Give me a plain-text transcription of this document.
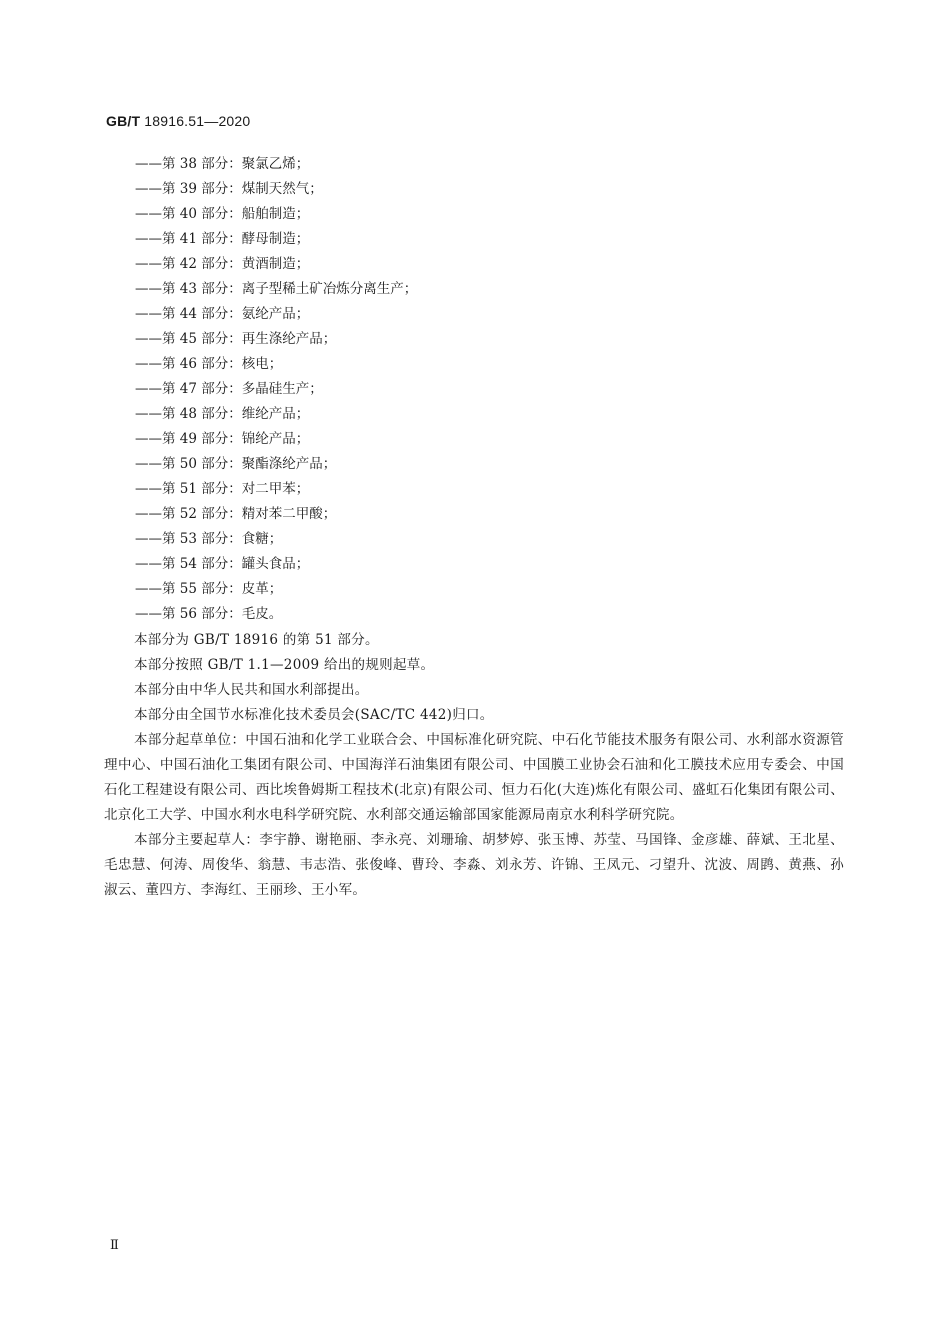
GB/T 18916.51—2020
——第 38 部分：聚氯乙烯；
——第 39 部分：煤制天然气；
——第 40 部分：船舶制造；
——第 41 部分：酵母制造；
——第 42 部分：黄酒制造；
——第 43 部分：离子型稀土矿冶炼分离生产；
——第 44 部分：氨纶产品；
——第 45 部分：再生涤纶产品；
——第 46 部分：核电；
——第 47 部分：多晶硅生产；
——第 48 部分：维纶产品；
——第 49 部分：锦纶产品；
——第 50 部分：聚酯涤纶产品；
——第 51 部分：对二甲苯；
——第 52 部分：精对苯二甲酸；
——第 53 部分：食糖；
——第 54 部分：罐头食品；
——第 55 部分：皮革；
——第 56 部分：毛皮。

本部分为 GB/T 18916 的第 51 部分。

本部分按照 GB/T 1.1—2009 给出的规则起草。

本部分由中华人民共和国水利部提出。

本部分由全国节水标准化技术委员会(SAC/TC 442)归口。

本部分起草单位：中国石油和化学工业联合会、中国标准化研究院、中石化节能技术服务有限公司、水利部水资源管理中心、中国石油化工集团有限公司、中国海洋石油集团有限公司、中国膜工业协会石油和化工膜技术应用专委会、中国石化工程建设有限公司、西比埃鲁姆斯工程技术(北京)有限公司、恒力石化(大连)炼化有限公司、盛虹石化集团有限公司、北京化工大学、中国水利水电科学研究院、水利部交通运输部国家能源局南京水利科学研究院。

本部分主要起草人：李宇静、谢艳丽、李永亮、刘珊瑜、胡梦婷、张玉博、苏莹、马国锋、金彦雄、薛斌、王北星、毛忠慧、何涛、周俊华、翁慧、韦志浩、张俊峰、曹玲、李淼、刘永芳、许锦、王凤元、刁望升、沈波、周鹍、黄燕、孙淑云、董四方、李海红、王丽珍、王小军。

Ⅱ
